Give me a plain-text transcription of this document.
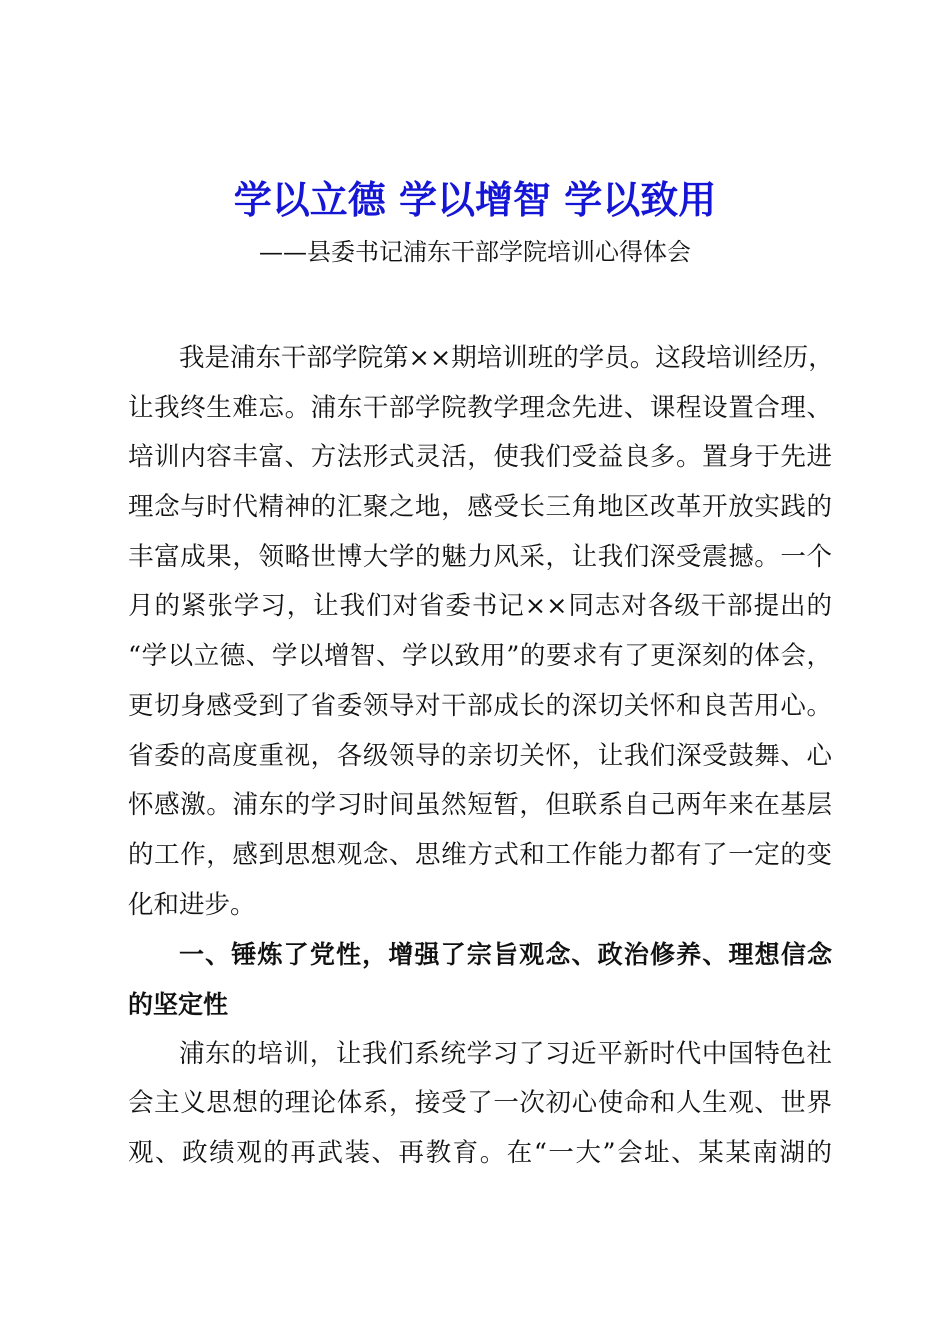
学以立德 学以增智 学以致用
——县委书记浦东干部学院培训心得体会
我是浦东干部学院第××期培训班的学员。这段培训经历，
让我终生难忘。浦东干部学院教学理念先进、课程设置合理、
培训内容丰富、方法形式灵活，使我们受益良多。置身于先进
理念与时代精神的汇聚之地，感受长三角地区改革开放实践的
丰富成果，领略世博大学的魅力风采，让我们深受震撼。一个
月的紧张学习，让我们对省委书记××同志对各级干部提出的
“学以立德、学以增智、学以致用”的要求有了更深刻的体会，
更切身感受到了省委领导对干部成长的深切关怀和良苦用心。
省委的高度重视，各级领导的亲切关怀，让我们深受鼓舞、心
怀感激。浦东的学习时间虽然短暂，但联系自己两年来在基层
的工作，感到思想观念、思维方式和工作能力都有了一定的变
化和进步。
一、锤炼了党性，增强了宗旨观念、政治修养、理想信念
的坚定性
浦东的培训，让我们系统学习了习近平新时代中国特色社
会主义思想的理论体系，接受了一次初心使命和人生观、世界
观、政绩观的再武装、再教育。在“一大”会址、某某南湖的
